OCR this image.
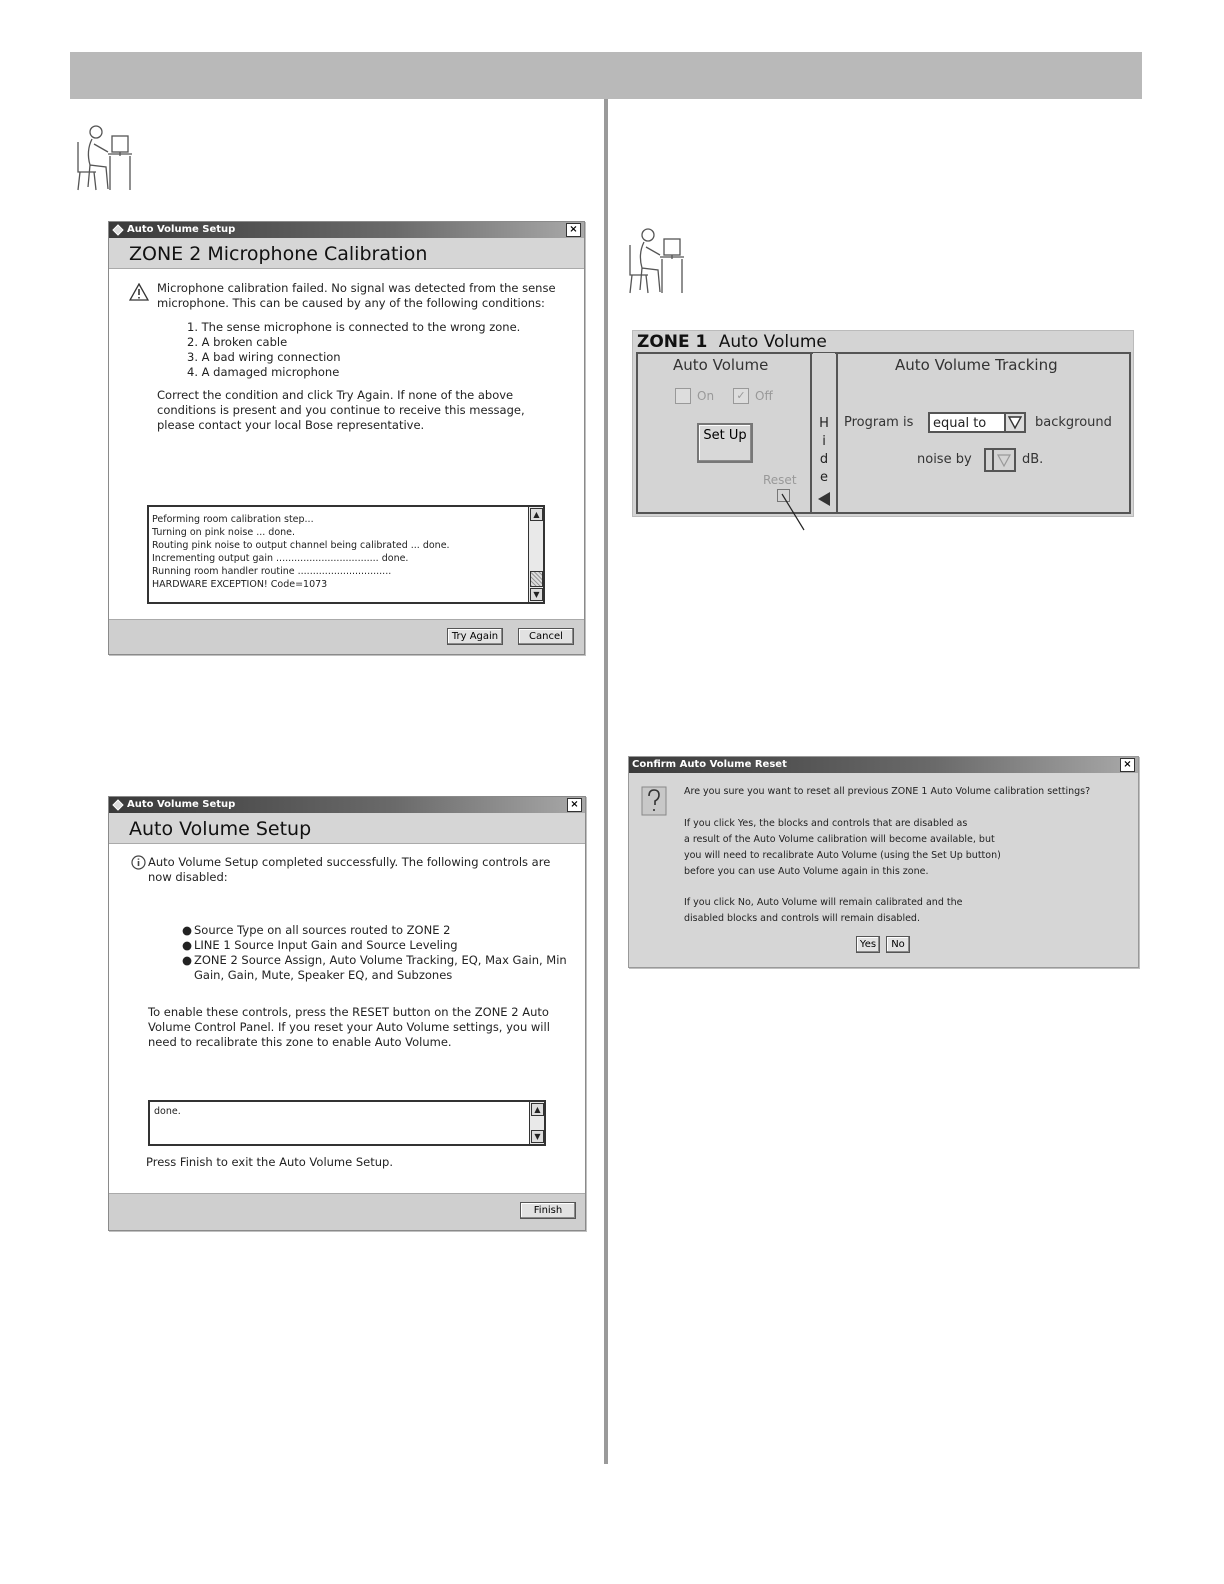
Auto Volume Setup	×
ZONE 2 Microphone Calibration
Microphone calibration failed. No signal was detected from the sense microphone. This can be caused by any of the following conditions:
1. The sense microphone is connected to the wrong zone.
2. A broken cable
3. A bad wiring connection
4. A damaged microphone
Correct the condition and click Try Again. If none of the above conditions is present and you continue to receive this message, please contact your local Bose representative.
Peforming room calibration step...
Turning on pink noise ... done.
Routing pink noise to output channel being calibrated ... done.
Incrementing output gain .................................. done.
Running room handler routine ...............................
HARDWARE EXCEPTION! Code=1073
▲
▼
Try Again	Cancel
Auto Volume Setup	×
Auto Volume Setup
Auto Volume Setup completed successfully. The following controls are now disabled:
● Source Type on all sources routed to ZONE 2
● LINE 1 Source Input Gain and Source Leveling
● ZONE 2 Source Assign, Auto Volume Tracking, EQ, Max Gain, Min Gain, Gain, Mute, Speaker EQ, and Subzones
To enable these controls, press the RESET button on the ZONE 2 Auto Volume Control Panel. If you reset your Auto Volume settings, you will need to recalibrate this zone to enable Auto Volume.
done.	▲
▼
Press Finish to exit the Auto Volume Setup.
Finish
ZONE 1 Auto Volume
Auto Volume
On	✓ Off
Set Up
Reset
H
i
d
e
Auto Volume Tracking
Program is equal to	background
noise by	dB.
Confirm Auto Volume Reset	×
Are you sure you want to reset all previous ZONE 1 Auto Volume calibration settings?
If you click Yes, the blocks and controls that are disabled as
a result of the Auto Volume calibration will become available, but
you will need to recalibrate Auto Volume (using the Set Up button)
before you can use Auto Volume again in this zone.
If you click No, Auto Volume will remain calibrated and the
disabled blocks and controls will remain disabled.
Yes	No
